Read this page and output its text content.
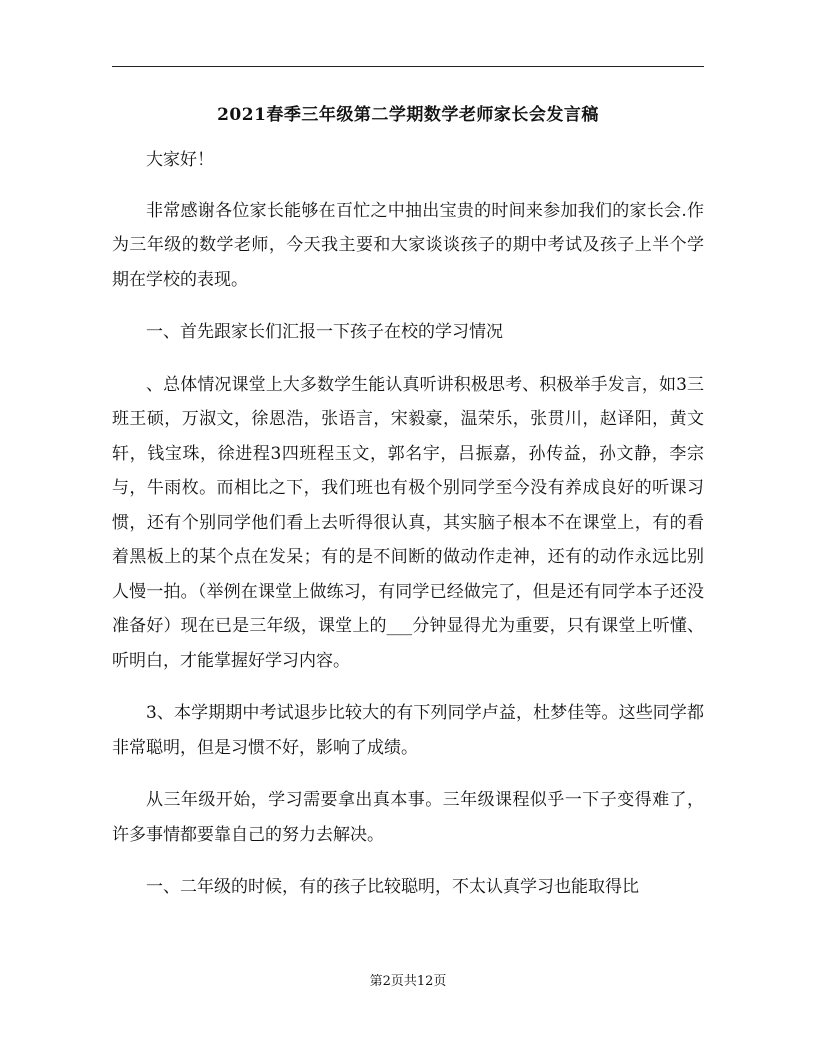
2021春季三年级第二学期数学老师家长会发言稿

大家好！

非常感谢各位家长能够在百忙之中抽出宝贵的时间来参加我们的家长会.作为三年级的数学老师，今天我主要和大家谈谈孩子的期中考试及孩子上半个学期在学校的表现。

一、首先跟家长们汇报一下孩子在校的学习情况

、总体情况课堂上大多数学生能认真听讲积极思考、积极举手发言，如3三班王硕，万淑文，徐恩浩，张语言，宋毅豪，温荣乐，张贯川，赵译阳，黄文轩，钱宝珠，徐进程3四班程玉文，郭名宇，吕振嘉，孙传益，孙文静，李宗与，牛雨枚。而相比之下，我们班也有极个别同学至今没有养成良好的听课习惯，还有个别同学他们看上去听得很认真，其实脑子根本不在课堂上，有的看着黑板上的某个点在发呆；有的是不间断的做动作走神，还有的动作永远比别人慢一拍。（举例在课堂上做练习，有同学已经做完了，但是还有同学本子还没准备好）现在已是三年级，课堂上的___分钟显得尤为重要，只有课堂上听懂、听明白，才能掌握好学习内容。

3、本学期期中考试退步比较大的有下列同学卢益，杜梦佳等。这些同学都非常聪明，但是习惯不好，影响了成绩。

从三年级开始，学习需要拿出真本事。三年级课程似乎一下子变得难了，许多事情都要靠自己的努力去解决。

一、二年级的时候，有的孩子比较聪明，不太认真学习也能取得比

第2页共12页
